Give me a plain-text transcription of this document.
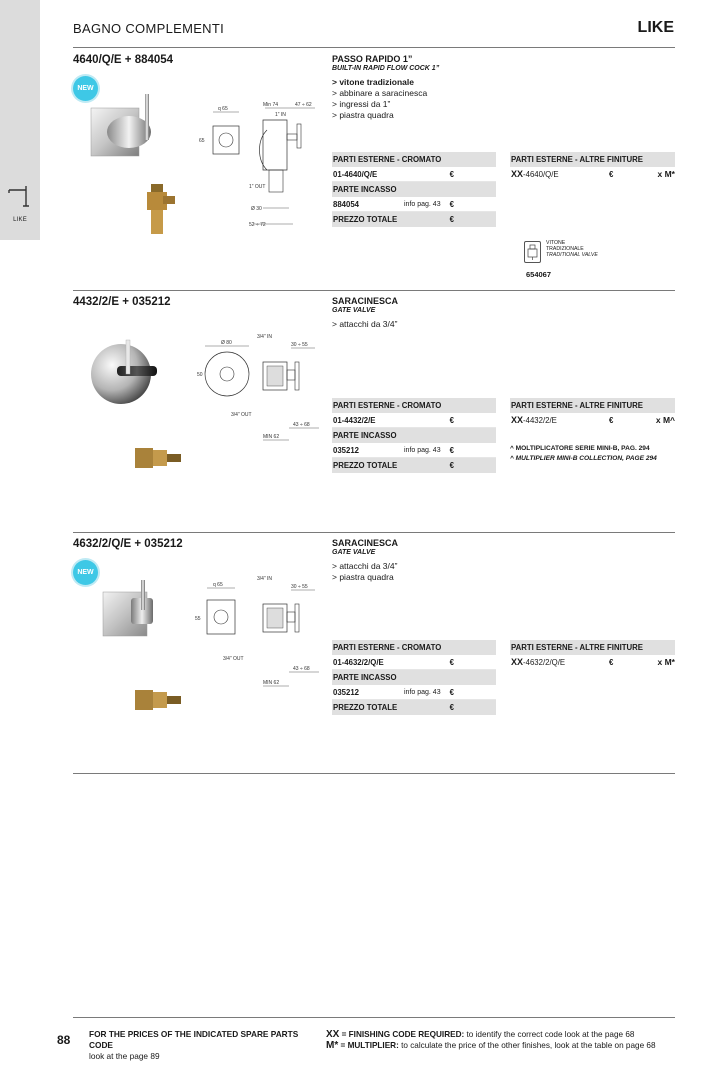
LIKE
BAGNO COMPLEMENTI	LIKE
4640/Q/E + 884054
NEW
q 65
65
Min 74	47 ÷ 62
1” IN
1” OUT
Ø 30
52 ÷ 72
PASSO RAPIDO 1”
BUILT-IN RAPID FLOW COCK 1”
> vitone tradizionale
> abbinare a saracinesca
> ingressi da 1”
> piastra quadra
PARTI ESTERNE - CROMATO
01-4640/Q/E	€
PARTE INCASSO
884054	info pag. 43 €
PREZZO TOTALE	€
PARTI ESTERNE - ALTRE FINITURE
XX-4640/Q/E	€	x M*
VITONE
TRADIZIONALE
TRADITIONAL VALVE
654067
4432/2/E + 035212
Ø 80
50
3/4” IN
30 ÷ 55
3/4” OUT
43 ÷ 68
MIN 62
SARACINESCA
GATE VALVE
> attacchi da 3/4”
PARTI ESTERNE - CROMATO
01-4432/2/E	€
PARTE INCASSO
035212	info pag. 43 €
PREZZO TOTALE	€
PARTI ESTERNE - ALTRE FINITURE
XX-4432/2/E	€	x M^
^ MOLTIPLICATORE SERIE MINI-B, PAG. 294
^ MULTIPLIER MINI-B COLLECTION, PAGE 294
4632/2/Q/E + 035212
NEW
q 65
55
3/4” IN
30 ÷ 55
3/4” OUT
43 ÷ 68
MIN 62
SARACINESCA
GATE VALVE
> attacchi da 3/4”
> piastra quadra
PARTI ESTERNE - CROMATO
01-4632/2/Q/E	€
PARTE INCASSO
035212	info pag. 43 €
PREZZO TOTALE	€
PARTI ESTERNE - ALTRE FINITURE
XX-4632/2/Q/E	€	x M*
88 FOR THE PRICES OF THE INDICATED SPARE PARTS CODE
look at the page 89
XX = FINISHING CODE REQUIRED: to identify the correct code look at the page 68
M* = MULTIPLIER: to calculate the price of the other finishes, look at the table on page 68
